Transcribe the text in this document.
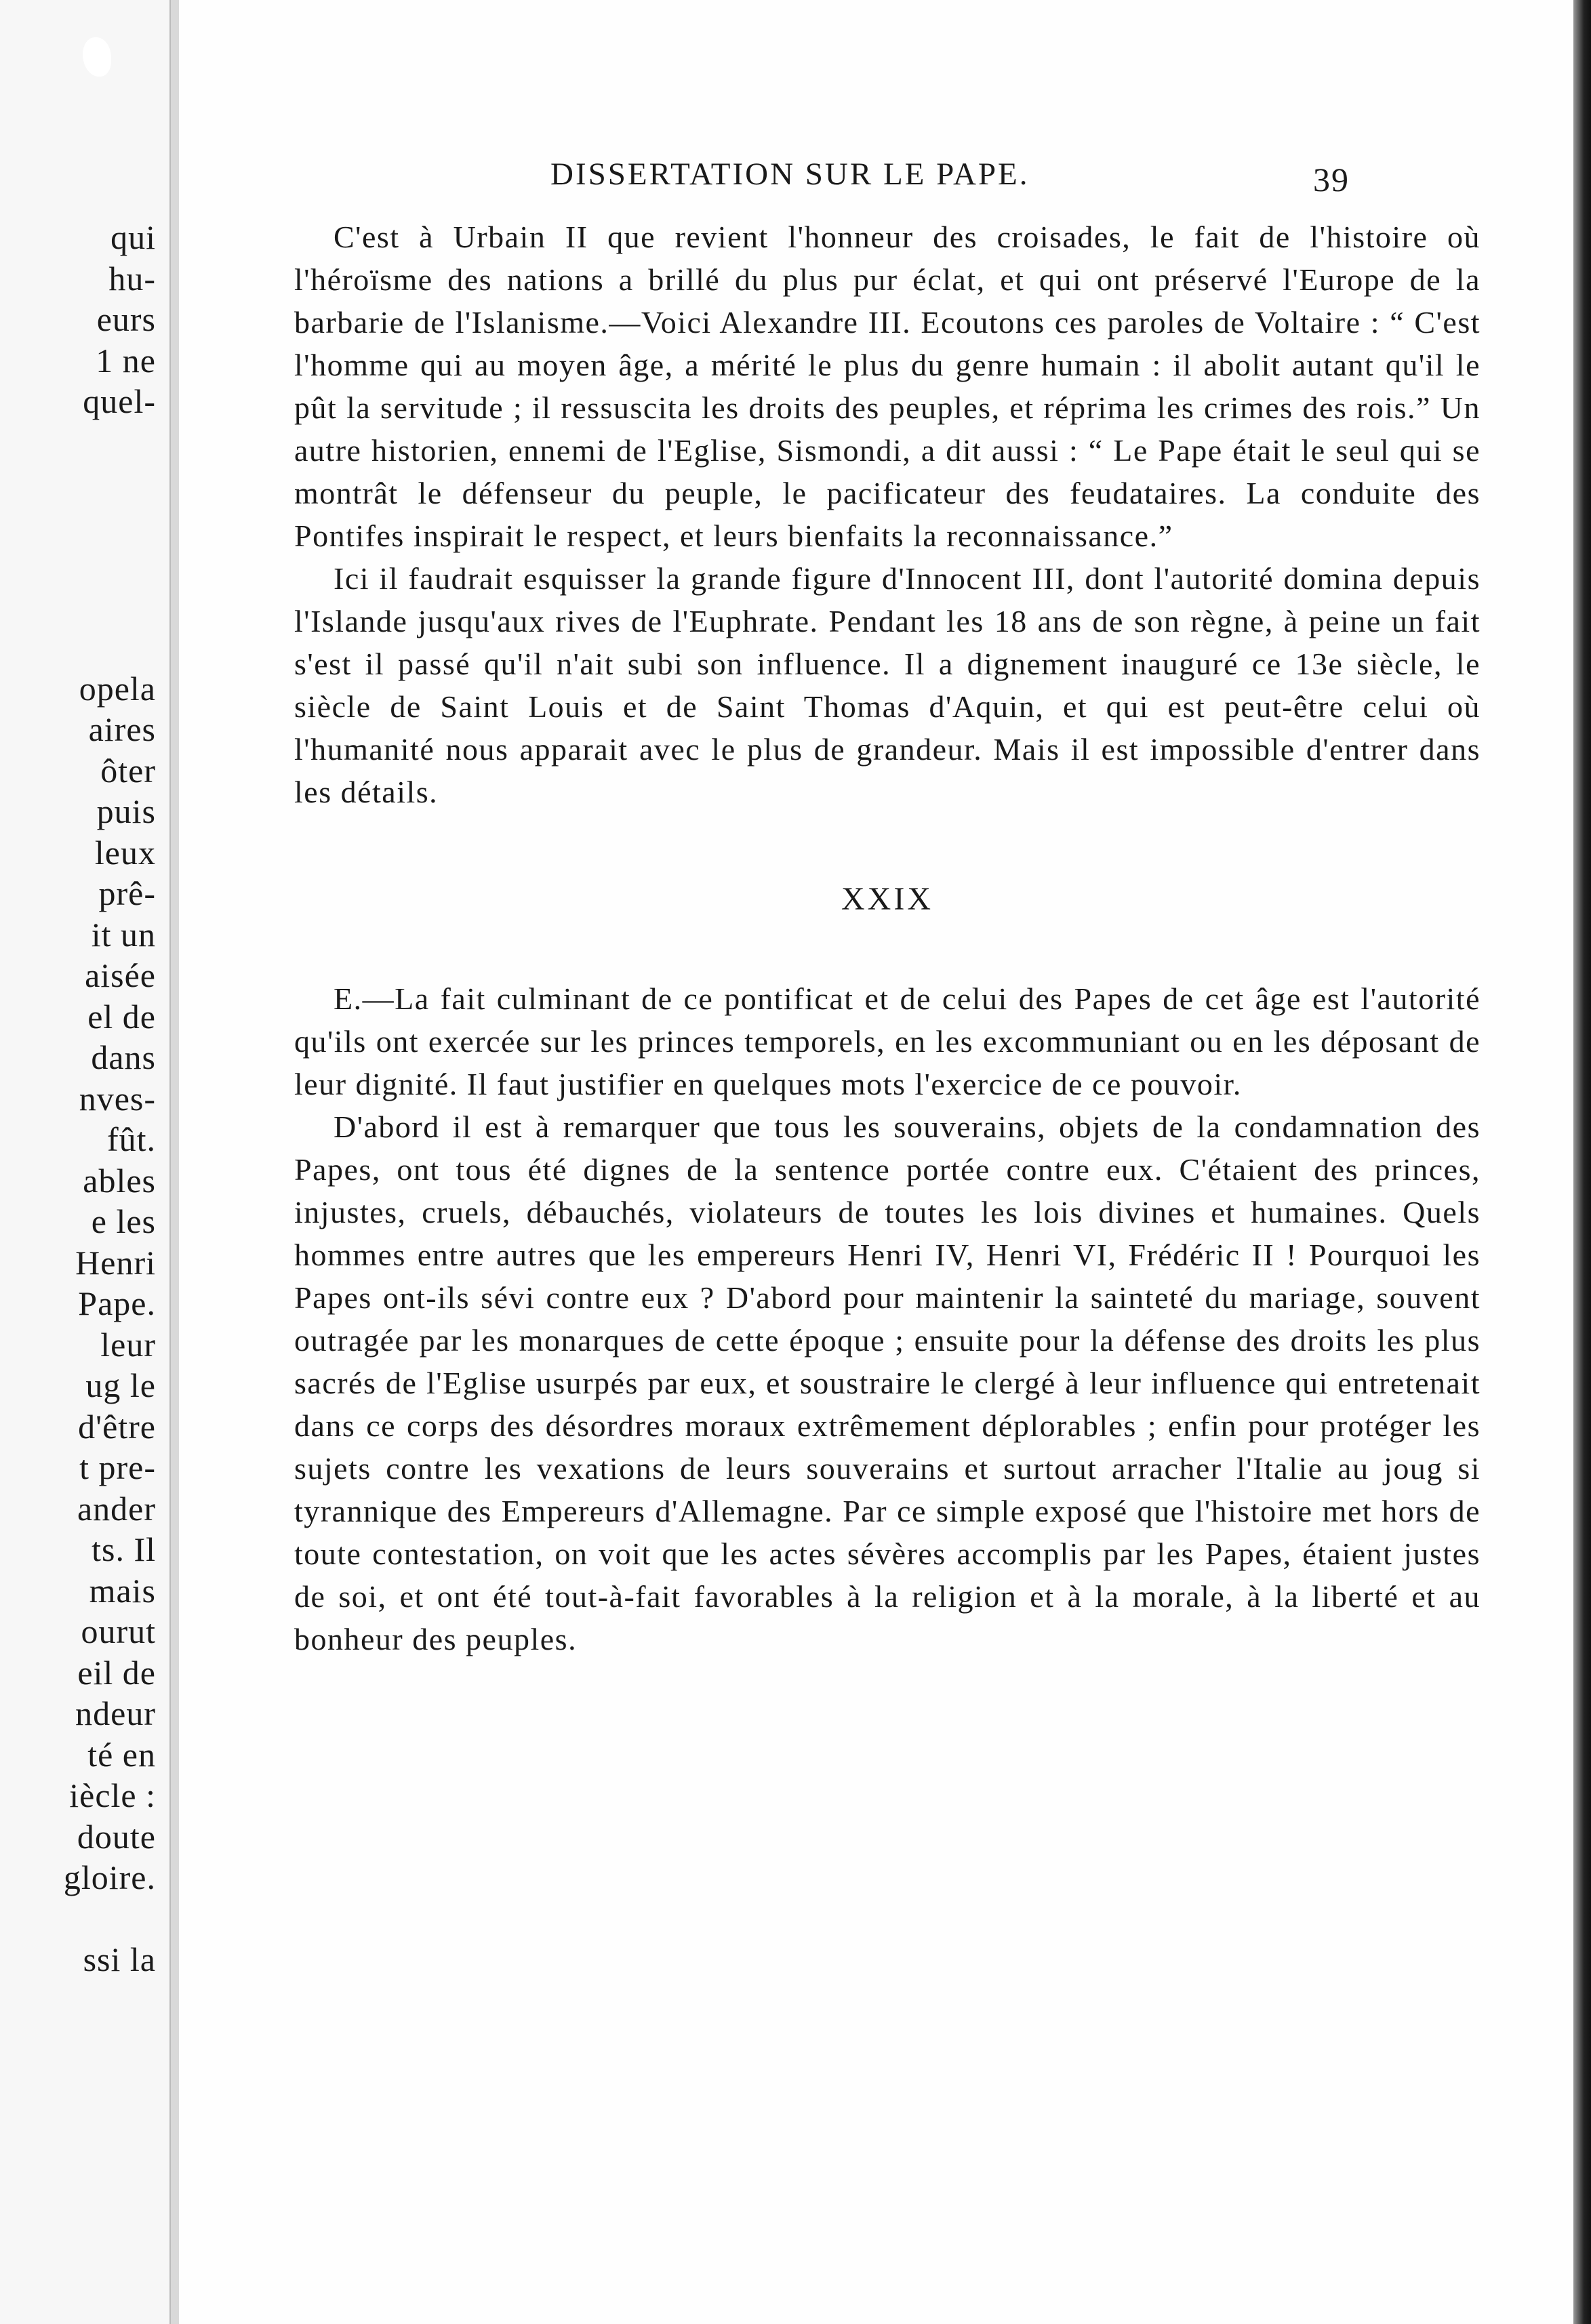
qui
hu-
eurs
1 ne
quel-
opela
aires
ôter
puis
leux
prê-
it un
aisée
el de
dans
nves-
fût.
ables
e les
Henri
Pape.
leur
ug le
d'être
t pre-
ander
ts. Il
mais
ourut
eil de
ndeur
té en
iècle :
doute
gloire.
ssi la
DISSERTATION SUR LE PAPE.	39

C'est à Urbain II que revient l'honneur des croisades, le fait de l'histoire où l'héroïsme des nations a brillé du plus pur éclat, et qui ont préservé l'Europe de la barbarie de l'Islanisme.—Voici Alexandre III. Ecoutons ces paroles de Voltaire : “ C'est l'homme qui au moyen âge, a mérité le plus du genre humain : il abolit autant qu'il le pût la servitude ; il ressuscita les droits des peuples, et réprima les crimes des rois.” Un autre historien, ennemi de l'Eglise, Sismondi, a dit aussi : “ Le Pape était le seul qui se montrât le défenseur du peuple, le pacificateur des feudataires. La conduite des Pontifes inspirait le respect, et leurs bienfaits la reconnaissance.”

Ici il faudrait esquisser la grande figure d'Innocent III, dont l'autorité domina depuis l'Islande jusqu'aux rives de l'Euphrate. Pendant les 18 ans de son règne, à peine un fait s'est il passé qu'il n'ait subi son influence. Il a dignement inauguré ce 13e siècle, le siècle de Saint Louis et de Saint Thomas d'Aquin, et qui est peut-être celui où l'humanité nous apparait avec le plus de grandeur. Mais il est impossible d'entrer dans les détails.

XXIX

E.—La fait culminant de ce pontificat et de celui des Papes de cet âge est l'autorité qu'ils ont exercée sur les princes temporels, en les excommuniant ou en les déposant de leur dignité. Il faut justifier en quelques mots l'exercice de ce pouvoir.

D'abord il est à remarquer que tous les souverains, objets de la condamnation des Papes, ont tous été dignes de la sentence portée contre eux. C'étaient des princes, injustes, cruels, débauchés, violateurs de toutes les lois divines et humaines. Quels hommes entre autres que les empereurs Henri IV, Henri VI, Frédéric II ! Pourquoi les Papes ont-ils sévi contre eux ? D'abord pour maintenir la sainteté du mariage, souvent outragée par les monarques de cette époque ; ensuite pour la défense des droits les plus sacrés de l'Eglise usurpés par eux, et soustraire le clergé à leur influence qui entretenait dans ce corps des désordres moraux extrêmement déplorables ; enfin pour protéger les sujets contre les vexations de leurs souverains et surtout arracher l'Italie au joug si tyrannique des Empereurs d'Allemagne. Par ce simple exposé que l'histoire met hors de toute contestation, on voit que les actes sévères accomplis par les Papes, étaient justes de soi, et ont été tout-à-fait favorables à la religion et à la morale, à la liberté et au bonheur des peuples.
